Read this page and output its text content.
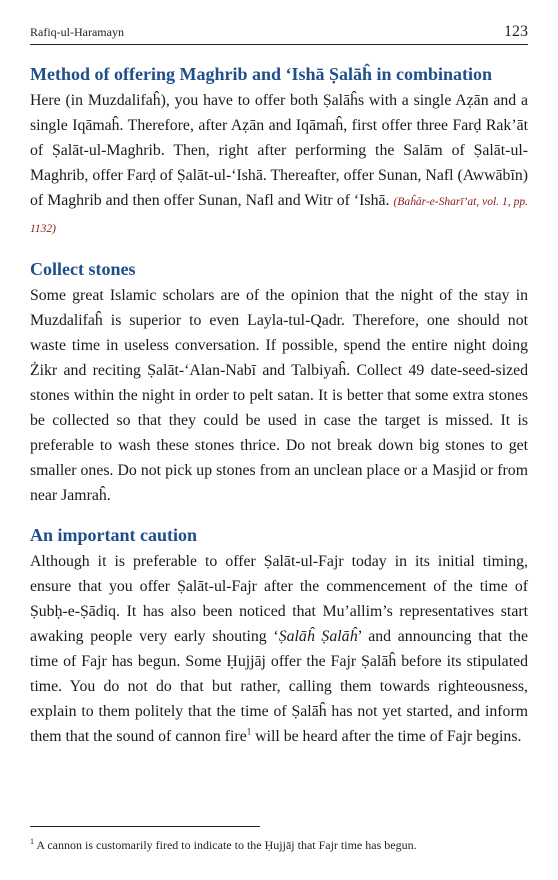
Rafiq-ul-Haramayn	123
Method of offering Maghrib and ‘Ishā Ṣalāĥ in combination

Here (in Muzdalifaĥ), you have to offer both Ṣalāĥs with a single Aẓān and a single Iqāmaĥ. Therefore, after Aẓān and Iqāmaĥ, first offer three Farḍ Rak’āt of Ṣalāt-ul-Maghrib. Then, right after performing the Salām of Ṣalāt-ul-Maghrib, offer Farḍ of Ṣalāt-ul-‘Ishā. Thereafter, offer Sunan, Nafl (Awwābīn) of Maghrib and then offer Sunan, Nafl and Witr of ‘Ishā. (Baĥār-e-Sharī’at, vol. 1, pp. 1132)

Collect stones

Some great Islamic scholars are of the opinion that the night of the stay in Muzdalifaĥ is superior to even Layla-tul-Qadr. Therefore, one should not waste time in useless conversation. If possible, spend the entire night doing Żikr and reciting Ṣalāt-‘Alan-Nabī and Talbiyaĥ. Collect 49 date-seed-sized stones within the night in order to pelt satan. It is better that some extra stones be collected so that they could be used in case the target is missed. It is preferable to wash these stones thrice. Do not break down big stones to get smaller ones. Do not pick up stones from an unclean place or a Masjid or from near Jamraĥ.

An important caution

Although it is preferable to offer Ṣalāt-ul-Fajr today in its initial timing, ensure that you offer Ṣalāt-ul-Fajr after the commencement of the time of Ṣubḥ-e-Ṣādiq. It has also been noticed that Mu’allim’s representatives start awaking people very early shouting ‘Ṣalāĥ Ṣalāĥ’ and announcing that the time of Fajr has begun. Some Ḥujjāj offer the Fajr Ṣalāĥ before its stipulated time. You do not do that but rather, calling them towards righteousness, explain to them politely that the time of Ṣalāĥ has not yet started, and inform them that the sound of cannon fire$^1$ will be heard after the time of Fajr begins.

$^1$ A cannon is customarily fired to indicate to the Ḥujjāj that Fajr time has begun.
